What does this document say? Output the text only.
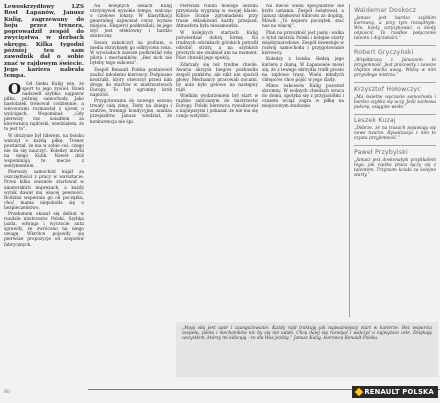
Lewoskrzydłowy LZS Rost Łapanów, Janusz Kulig, zagrzewany do boju przez trenera, poprowadził zespół do zwycięstwa w derbach okręgu. Kilka tygodni później ten sam zawodnik dał o sobie znać w rajdowym świecie. Jego kariera nabrała tempa.

O Od bieku Kulig wie, że sport to jego żywioł. Dzień nadszedł szybko: najpierw piłka, później samochody. Jako nastolatek trenował codziennie, a wieczorami rozmawiał z ojcem o wyścigach. Wspominał: „Gdy pierwszy raz usiadłem za kierownicą rajdówki, wiedziałem, że to jest to”.

W drużynie był liderem, na boisku walczył o każdą piłkę. Trener powtarzał, że ma w sobie coś, czego nie da się nauczyć. Koledzy mówili na niego Kulik. Nawet dziś wspominają te mecze z sentymentem.

Pierwszy samochód kupił za oszczędności z pracy w warsztacie. Przez kilka sezonów startował w amatorskich imprezach, a każdy wynik dawał mu więcej pewności. Rodzina wspierała go od początku, choć mama niepokoiła się o bezpieczeństwo.

Przełomem okazał się debiut w rundzie mistrzostw Polski. Szybka jazda, odwaga i wyczucie auta sprawiły, że zwrócono na niego uwagę. Wkrótce pojawiły się pierwsze propozycje od zespołów fabrycznych.

Na kolejnych oesach Kulig utrzymywał wysokie tempo, walcząc o czołowe lokaty. W klasyfikacji generalnej zajmował coraz wyższe miejsca. Eksperci podkreślali, że jego styl jest efektowny i bardzo skuteczny.

Sezon zakończył na podium, a media okrzyknęły go odkryciem roku. W wywiadach zawsze podkreślał rolę pilota i mechaników: „Bez nich nie byłoby tego sukcesu”.

Zespół Renault Polska postanowił zaufać młodemu kierowcy. Podpisano kontrakt, który otworzył przed nim drogę do startów w mistrzostwach Europy. To był ogromny krok naprzód.

Przygotowania do nowego sezonu trwały całą zimę. Testy na śniegu i szutrze, treningi kondycyjne, analiza przejazdów. Janusz wiedział, że konkurencja nie śpi.

Pierwsza runda nowego sezonu przyniosła wygraną w swojej klasie. Kibice licznie zgromadzeni przy trasie oklaskiwali każdy przejazd. Atmosfera była niesamowita.

W kolejnych startach Kulig potwierdzał dobrą formę. Na trudnych odcinkach górskich potrafił odrobić straty, a na szybkich prostych nie zwalniał ani na moment. Pilot chwalił jego spokój.

Zdarzały się też trudne chwile. Awaria skrzyni biegów pozbawiła zespół punktów, ale nikt nie spuścił głowy. Mechanicy pracowali nocami, by auto było gotowe na następny rajd.

Wielkim wydarzeniem był start w rajdzie zaliczanym do mistrzostw Europy. Polski kierowca rywalizował z najlepszymi i pokazał, że nie ma się czego wstydzić.

Na mecie wielu specjalistów nie kryło uznania. Zespół świętował, a Janusz dziękował kibicom za doping. Mówił: „To dopiero początek, stać nas na więcej”.

Plan na przyszłość jest jasny: walka o tytuł mistrza Polski i kolejne starty międzynarodowe. Zespół inwestuje w rozwój samochodu i przygotowanie kierowcy.

Koledzy z boiska śledzą jego karierę z dumą. W Łapanowie mówi się, że z lewego skrzydła trafił prosto na rajdowe trasy. Wielu młodych chłopców chce pójść w jego ślady.

Mimo sukcesów Kulig pozostał skromny. W wolnych chwilach wraca do domu, spotyka się z przyjaciółmi i czasem wciąż zagra w piłkę na miejscowym stadionie.

Waldemar Doskocz
„Janusz jest bardzo szybkim kierowcą, a przy tym rozsądnym. Wie, kiedy zaryzykować, a kiedy odpuścić. To rzadkie połączenie talentu i dojrzałości.”
Robert Gryczyński
„Współpraca z Januszem to przyjemność. Jest pracowity i zawsze chętnie słucha uwag. Widzę w nim przyszłego mistrza.”
Krzysztof Hołowczyc
„Ma świetne wyczucie samochodu i bardzo szybko się uczy. Jeśli zachowa pokorę, osiągnie wiele.”
Leszek Kuzaj
„Dobrze, że na trasach pojawiają się nowe twarze. Rywalizacja z nim to czysta przyjemność.”
Paweł Przybylski
„Janusz jest doskonałym przykładem tego, jak ciężka praca łączy się z talentem. Trzymam kciuki za kolejne starty.”
„Moją siłą jest upór i zaangażowanie. Każdy rajd traktuję jak najważniejszy start w karierze. Bez wsparcia zespołu, pilota i mechaników nic by się nie udało. Chcę dalej się rozwijać i walczyć o najwyższe cele. Dziękuję wszystkim, którzy mi kibicują – to dla Was jeżdżę.” Janusz Kulig, kierowca Renault Polska.
80	RENAULT POLSKA
